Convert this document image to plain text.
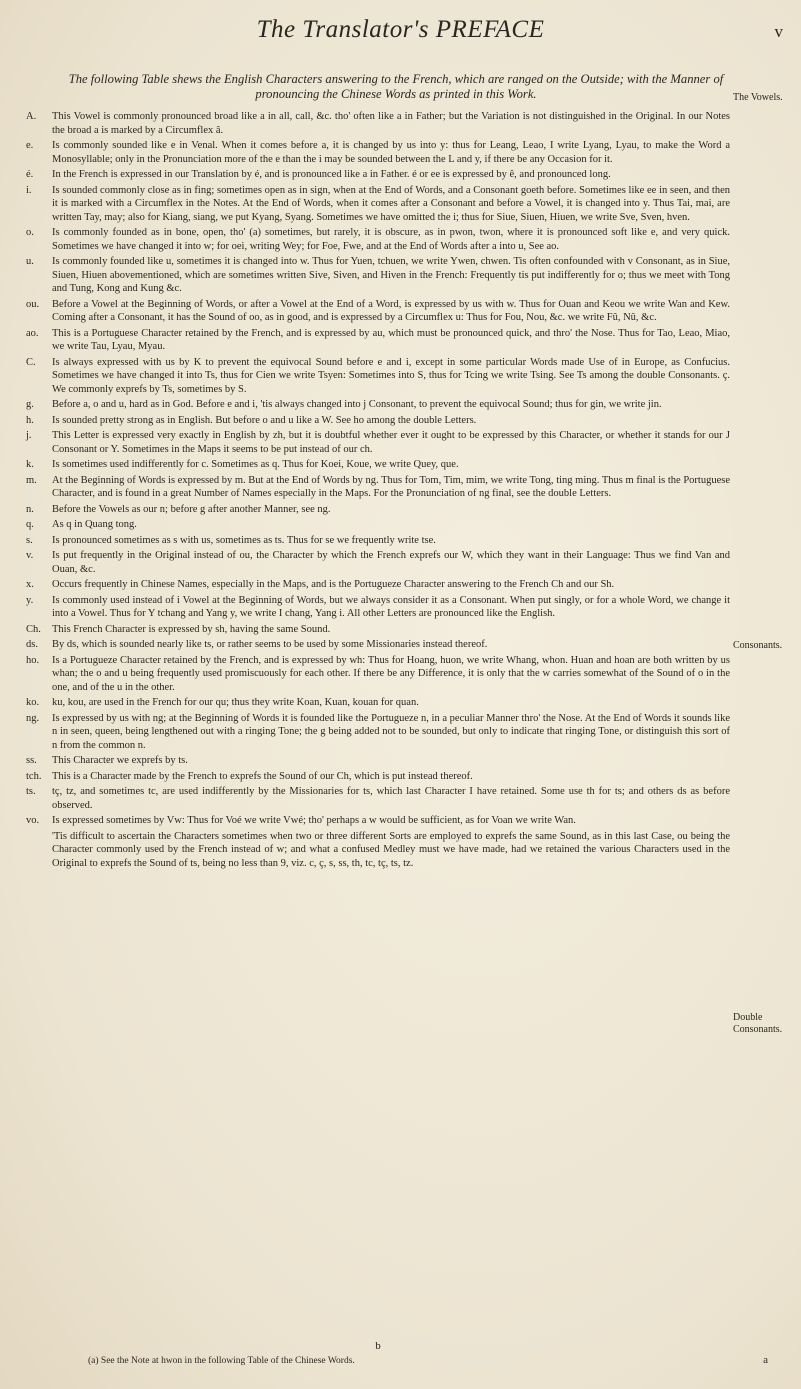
The Translator's PREFACE	v
The following Table shews the English Characters answering to the French, which are ranged on the Outside; with the Manner of pronouncing the Chinese Words as printed in this Work.
A.	This Vowel is commonly pronounced broad like a in all, call, &c. tho' often like a in Father; but the Variation is not distinguished in the Original. In our Notes the broad a is marked by a Circumflex â.
e.	Is commonly sounded like e in Venal. When it comes before a, it is changed by us into y: thus for Leang, Leao, I write Lyang, Lyau, to make the Word a Monosyllable; only in the Pronunciation more of the e than the i may be sounded between the L and y, if there be any Occasion for it.
é.	In the French is expressed in our Translation by é, and is pronounced like a in Father. é or ee is expressed by ê, and pronounced long.
i.	Is sounded commonly close as in fing; sometimes open as in sign, when at the End of Words, and a Consonant goeth before. Sometimes like ee in seen, and then it is marked with a Circumflex in the Notes. At the End of Words, when it comes after a Consonant and before a Vowel, it is changed into y. Thus Tai, mai, are written Tay, may; also for Kiang, siang, we put Kyang, Syang. Sometimes we have omitted the i; thus for Siue, Siuen, Hiuen, we write Sve, Sven, hven.
o.	Is commonly founded as in bone, open, tho' (a) sometimes, but rarely, it is obscure, as in pwon, twon, where it is pronounced soft like e, and very quick. Sometimes we have changed it into w; for oei, writing Wey; for Foe, Fwe, and at the End of Words after a into u, See ao.
u.	Is commonly founded like u, sometimes it is changed into w. Thus for Yuen, tchuen, we write Ywen, chwen. Tis often confounded with v Consonant, as in Siue, Siuen, Hiuen abovementioned, which are sometimes written Sive, Siven, and Hiven in the French: Frequently tis put indifferently for o; thus we meet with Tong and Tung, Kong and Kung &c.
ou.	Before a Vowel at the Beginning of Words, or after a Vowel at the End of a Word, is expressed by us with w. Thus for Ouan and Keou we write Wan and Kew. Coming after a Consonant, it has the Sound of oo, as in good, and is expressed by a Circumflex u: Thus for Fou, Nou, &c. we write Fû, Nû, &c.
ao.	This is a Portuguese Character retained by the French, and is expressed by au, which must be pronounced quick, and thro' the Nose. Thus for Tao, Leao, Miao, we write Tau, Lyau, Myau.
C.	Is always expressed with us by K to prevent the equivocal Sound before e and i, except in some particular Words made Use of in Europe, as Confucius. Sometimes we have changed it into Ts, thus for Cien we write Tsyen: Sometimes into S, thus for Tcing we write Tsing. See Ts among the double Consonants. ç. We commonly exprefs by Ts, sometimes by S.
g.	Before a, o and u, hard as in God. Before e and i, 'tis always changed into j Consonant, to prevent the equivocal Sound; thus for gin, we write jin.
h.	Is sounded pretty strong as in English. But before o and u like a W. See ho among the double Letters.
j.	This Letter is expressed very exactly in English by zh, but it is doubtful whether ever it ought to be expressed by this Character, or whether it stands for our J Consonant or Y. Sometimes in the Maps it seems to be put instead of our ch.
k.	Is sometimes used indifferently for c. Sometimes as q. Thus for Koei, Koue, we write Quey, que.
m.	At the Beginning of Words is expressed by m. But at the End of Words by ng. Thus for Tom, Tim, mim, we write Tong, ting ming. Thus m final is the Portuguese Character, and is found in a great Number of Names especially in the Maps. For the Pronunciation of ng final, see the double Letters.
n.	Before the Vowels as our n; before g after another Manner, see ng.
q.	As q in Quang tong.
s.	Is pronounced sometimes as s with us, sometimes as ts. Thus for se we frequently write tse.
v.	Is put frequently in the Original instead of ou, the Character by which the French exprefs our W, which they want in their Language: Thus we find Van and Ouan, &c.
x.	Occurs frequently in Chinese Names, especially in the Maps, and is the Portugueze Character answering to the French Ch and our Sh.
y.	Is commonly used instead of i Vowel at the Beginning of Words, but we always consider it as a Consonant. When put singly, or for a whole Word, we change it into a Vowel. Thus for Y tchang and Yang y, we write I chang, Yang i. All other Letters are pronounced like the English.
Ch.	This French Character is expressed by sh, having the same Sound.
ds.	By ds, which is sounded nearly like ts, or rather seems to be used by some Missionaries instead thereof.
ho.	Is a Portugueze Character retained by the French, and is expressed by wh: Thus for Hoang, huon, we write Whang, whon. Huan and hoan are both written by us whan; the o and u being frequently used promiscuously for each other. If there be any Difference, it is only that the w carries somewhat of the Sound of o in the one, and of the u in the other.
ko.	ku, kou, are used in the French for our qu; thus they write Koan, Kuan, kouan for quan.
ng.	Is expressed by us with ng; at the Beginning of Words it is founded like the Portugueze n, in a peculiar Manner thro' the Nose. At the End of Words it sounds like n in seen, queen, being lengthened out with a ringing Tone; the g being added not to be sounded, but only to indicate that ringing Tone, or distinguish this sort of n from the common n.
ss.	This Character we exprefs by ts.
tch.	This is a Character made by the French to exprefs the Sound of our Ch, which is put instead thereof.
ts.	tç, tz, and sometimes tc, are used indifferently by the Missionaries for ts, which last Character I have retained. Some use th for ts; and others ds as before observed.
vo.	Is expressed sometimes by Vw: Thus for Voé we write Vwé; tho' perhaps a w would be sufficient, as for Voan we write Wan.
'Tis difficult to ascertain the Characters sometimes when two or three different Sorts are employed to exprefs the same Sound, as in this last Case, ou being the Character commonly used by the French instead of w; and what a confused Medley must we have made, had we retained the various Characters used in the Original to exprefs the Sound of ts, being no less than 9, viz. c, ç, s, ss, th, tc, tç, ts, tz.
The Vowels.
Consonants.
Double Consonants.
b
(a) See the Note at hwon in the following Table of the Chinese Words.	a
